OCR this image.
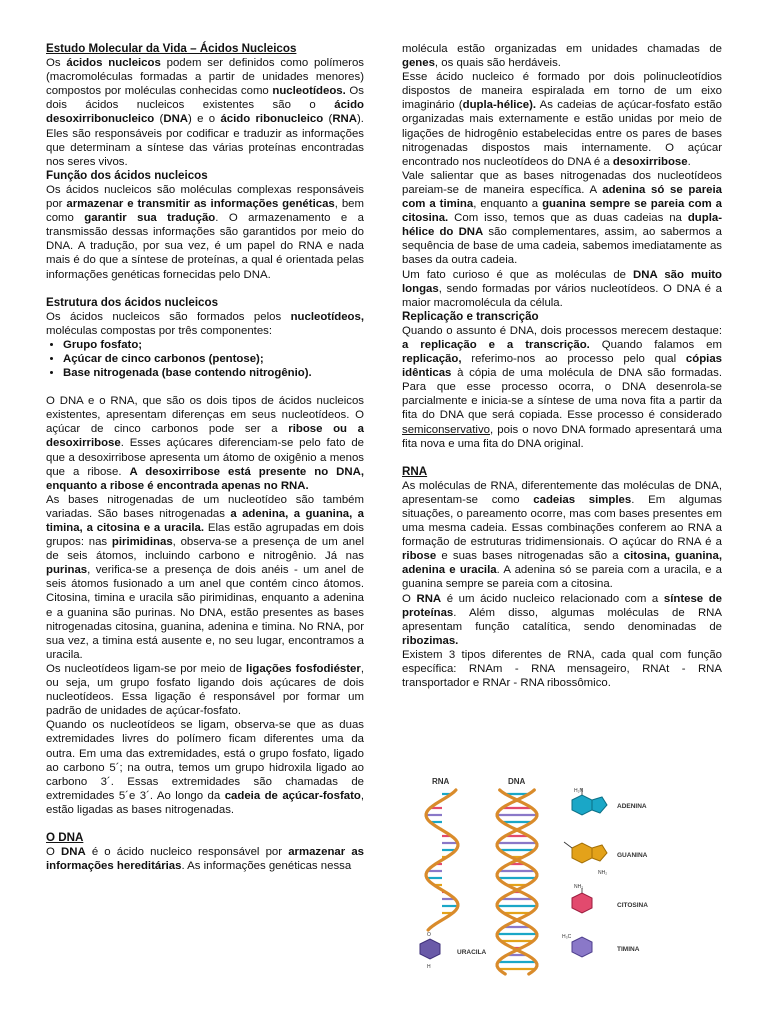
Estudo Molecular da Vida – Ácidos Nucleicos

Os ácidos nucleicos podem ser definidos como polímeros (macromoléculas formadas a partir de unidades menores) compostos por moléculas conhecidas como nucleotídeos. Os dois ácidos nucleicos existentes são o ácido desoxirribonucleico (DNA) e o ácido ribonucleico (RNA). Eles são responsáveis por codificar e traduzir as informações que determinam a síntese das várias proteínas encontradas nos seres vivos.

Função dos ácidos nucleicos

Os ácidos nucleicos são moléculas complexas responsáveis por armazenar e transmitir as informações genéticas, bem como garantir sua tradução. O armazenamento e a transmissão dessas informações são garantidos por meio do DNA. A tradução, por sua vez, é um papel do RNA e nada mais é do que a síntese de proteínas, a qual é orientada pelas informações genéticas fornecidas pelo DNA.

Estrutura dos ácidos nucleicos

Os ácidos nucleicos são formados pelos nucleotídeos, moléculas compostas por três componentes:

• Grupo fosfato;
• Açúcar de cinco carbonos (pentose);
• Base nitrogenada (base contendo nitrogênio).

O DNA e o RNA, que são os dois tipos de ácidos nucleicos existentes, apresentam diferenças em seus nucleotídeos. O açúcar de cinco carbonos pode ser a ribose ou a desoxirribose. Esses açúcares diferenciam-se pelo fato de que a desoxirribose apresenta um átomo de oxigênio a menos que a ribose. A desoxirribose está presente no DNA, enquanto a ribose é encontrada apenas no RNA.

As bases nitrogenadas de um nucleotídeo são também variadas. São bases nitrogenadas a adenina, a guanina, a timina, a citosina e a uracila. Elas estão agrupadas em dois grupos: nas pirimidinas, observa-se a presença de um anel de seis átomos, incluindo carbono e nitrogênio. Já nas purinas, verifica-se a presença de dois anéis - um anel de seis átomos fusionado a um anel que contém cinco átomos. Citosina, timina e uracila são pirimidinas, enquanto a adenina e a guanina são purinas. No DNA, estão presentes as bases nitrogenadas citosina, guanina, adenina e timina. No RNA, por sua vez, a timina está ausente e, no seu lugar, encontramos a uracila.

Os nucleotídeos ligam-se por meio de ligações fosfodiéster, ou seja, um grupo fosfato ligando dois açúcares de dois nucleotídeos. Essa ligação é responsável por formar um padrão de unidades de açúcar-fosfato.

Quando os nucleotídeos se ligam, observa-se que as duas extremidades livres do polímero ficam diferentes uma da outra. Em uma das extremidades, está o grupo fosfato, ligado ao carbono 5´; na outra, temos um grupo hidroxila ligado ao carbono 3´. Essas extremidades são chamadas de extremidades 5´e 3´. Ao longo da cadeia de açúcar-fosfato, estão ligadas as bases nitrogenadas.

O DNA

O DNA é o ácido nucleico responsável por armazenar as informações hereditárias. As informações genéticas nessa

molécula estão organizadas em unidades chamadas de genes, os quais são herdáveis.

Esse ácido nucleico é formado por dois polinucleotídios dispostos de maneira espiralada em torno de um eixo imaginário (dupla-hélice). As cadeias de açúcar-fosfato estão organizadas mais externamente e estão unidas por meio de ligações de hidrogênio estabelecidas entre os pares de bases nitrogenadas dispostos mais internamente. O açúcar encontrado nos nucleotídeos do DNA é a desoxirribose.

Vale salientar que as bases nitrogenadas dos nucleotídeos pareiam-se de maneira específica. A adenina só se pareia com a timina, enquanto a guanina sempre se pareia com a citosina. Com isso, temos que as duas cadeias na dupla-hélice do DNA são complementares, assim, ao sabermos a sequência de base de uma cadeia, sabemos imediatamente as bases da outra cadeia.

Um fato curioso é que as moléculas de DNA são muito longas, sendo formadas por vários nucleotídeos. O DNA é a maior macromolécula da célula.

Replicação e transcrição

Quando o assunto é DNA, dois processos merecem destaque: a replicação e a transcrição. Quando falamos em replicação, referimo-nos ao processo pelo qual cópias idênticas à cópia de uma molécula de DNA são formadas. Para que esse processo ocorra, o DNA desenrola-se parcialmente e inicia-se a síntese de uma nova fita a partir da fita do DNA que será copiada. Esse processo é considerado semiconservativo, pois o novo DNA formado apresentará uma fita nova e uma fita do DNA original.

RNA

As moléculas de RNA, diferentemente das moléculas de DNA, apresentam-se como cadeias simples. Em algumas situações, o pareamento ocorre, mas com bases presentes em uma mesma cadeia. Essas combinações conferem ao RNA a formação de estruturas tridimensionais. O açúcar do RNA é a ribose e suas bases nitrogenadas são a citosina, guanina, adenina e uracila. A adenina só se pareia com a uracila, e a guanina sempre se pareia com a citosina.

O RNA é um ácido nucleico relacionado com a síntese de proteínas. Além disso, algumas moléculas de RNA apresentam função catalítica, sendo denominadas de ribozimas.

Existem 3 tipos diferentes de RNA, cada qual com função específica: RNAm - RNA mensageiro, RNAt - RNA transportador e RNAr - RNA ribossômico.

RNA	DNA
H₂N
ADENINA
NH₂
GUANINA
NH₂
CITOSINA
H₃C
TIMINA
O
H
URACILA
